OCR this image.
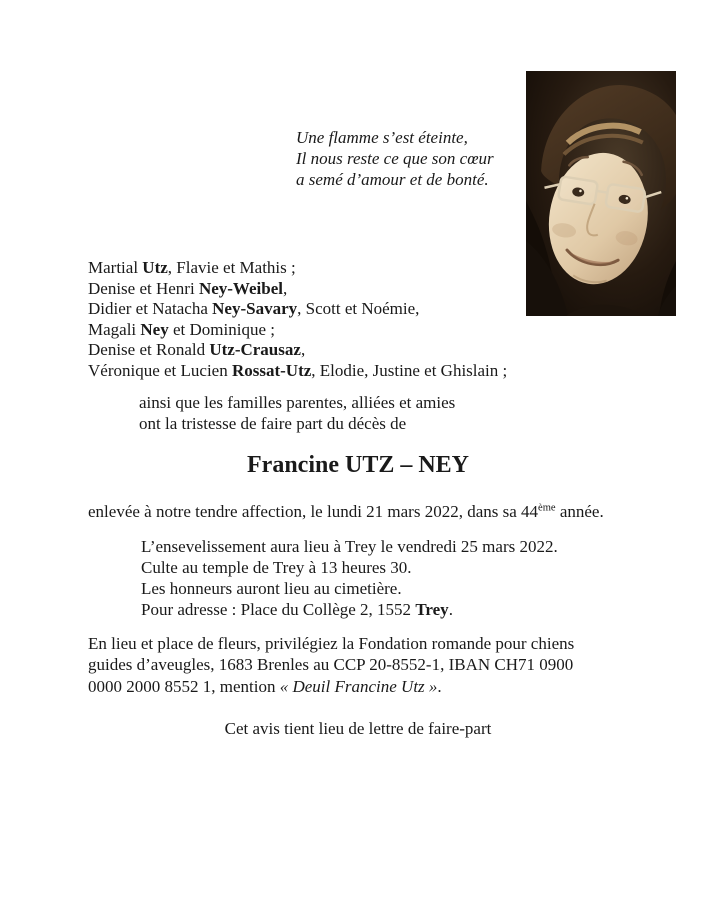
Une flamme s’est éteinte,
Il nous reste ce que son cœur
a semé d’amour et de bonté.
Martial Utz, Flavie et Mathis ;
Denise et Henri Ney-Weibel,
Didier et Natacha Ney-Savary, Scott et Noémie,
Magali Ney et Dominique ;
Denise et Ronald Utz-Crausaz,
Véronique et Lucien Rossat-Utz, Elodie, Justine et Ghislain ;
ainsi que les familles parentes, alliées et amies
ont la tristesse de faire part du décès de
Francine UTZ – NEY
enlevée à notre tendre affection, le lundi 21 mars 2022, dans sa 44ème année.
L’ensevelissement aura lieu à Trey le vendredi 25 mars 2022.
Culte au temple de Trey à 13 heures 30.
Les honneurs auront lieu au cimetière.
Pour adresse : Place du Collège 2, 1552 Trey.
En lieu et place de fleurs, privilégiez la Fondation romande pour chiens
guides d’aveugles, 1683 Brenles au CCP 20-8552-1, IBAN CH71 0900
0000 2000 8552 1, mention « Deuil Francine Utz ».
Cet avis tient lieu de lettre de faire-part
